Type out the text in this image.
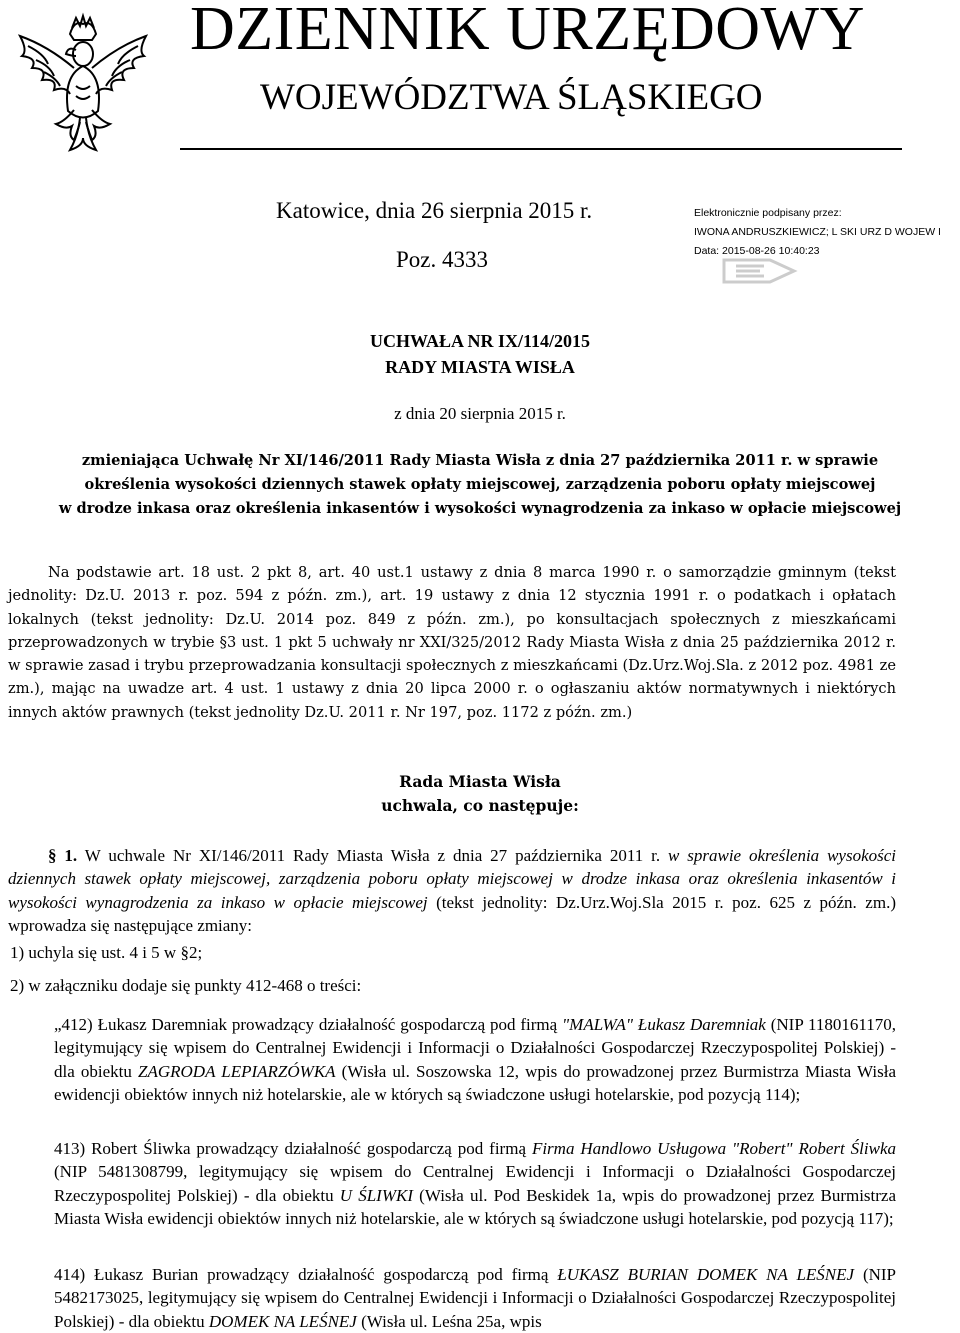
DZIENNIK URZĘDOWY
WOJEWÓDZTWA ŚLĄSKIEGO
Katowice, dnia 26 sierpnia 2015 r.
Poz. 4333
Elektronicznie podpisany przez:
IWONA ANDRUSZKIEWICZ; L SKI URZ D WOJEW I
Data: 2015-08-26 10:40:23
UCHWAŁA NR IX/114/2015
RADY MIASTA WISŁA
z dnia 20 sierpnia 2015 r.
zmieniająca Uchwałę Nr XI/146/2011 Rady Miasta Wisła z dnia 27 października 2011 r. w sprawie
określenia wysokości dziennych stawek opłaty miejscowej, zarządzenia poboru opłaty miejscowej
w drodze inkasa oraz określenia inkasentów i wysokości wynagrodzenia za inkaso w opłacie miejscowej
Na podstawie art. 18 ust. 2 pkt 8, art. 40 ust.1 ustawy z dnia 8 marca 1990 r. o samorządzie gminnym (tekst jednolity: Dz.U. 2013 r. poz. 594 z późn. zm.), art. 19 ustawy z dnia 12 stycznia 1991 r. o podatkach i opłatach lokalnych (tekst jednolity: Dz.U. 2014 poz. 849 z późn. zm.), po konsultacjach społecznych z mieszkańcami przeprowadzonych w trybie §3 ust. 1 pkt 5 uchwały nr XXI/325/2012 Rady Miasta Wisła z dnia 25 października 2012 r. w sprawie zasad i trybu przeprowadzania konsultacji społecznych z mieszkańcami (Dz.Urz.Woj.Sla. z 2012 poz. 4981 ze zm.), mając na uwadze art. 4 ust. 1 ustawy z dnia 20 lipca 2000 r. o ogłaszaniu aktów normatywnych i niektórych innych aktów prawnych (tekst jednolity Dz.U. 2011 r. Nr 197, poz. 1172 z późn. zm.)
Rada Miasta Wisła
uchwala, co następuje:
§ 1. W uchwale Nr XI/146/2011 Rady Miasta Wisła z dnia 27 października 2011 r. w sprawie określenia wysokości dziennych stawek opłaty miejscowej, zarządzenia poboru opłaty miejscowej w drodze inkasa oraz określenia inkasentów i wysokości wynagrodzenia za inkaso w opłacie miejscowej (tekst jednolity: Dz.Urz.Woj.Sla 2015 r. poz. 625 z późn. zm.) wprowadza się następujące zmiany:
1) uchyla się ust. 4 i 5 w §2;
2) w załączniku dodaje się punkty 412-468 o treści:
„412) Łukasz Daremniak prowadzący działalność gospodarczą pod firmą "MALWA" Łukasz Daremniak (NIP 1180161170, legitymujący się wpisem do Centralnej Ewidencji i Informacji o Działalności Gospodarczej Rzeczypospolitej Polskiej) - dla obiektu ZAGRODA LEPIARZÓWKA (Wisła ul. Soszowska 12, wpis do prowadzonej przez Burmistrza Miasta Wisła ewidencji obiektów innych niż hotelarskie, ale w których są świadczone usługi hotelarskie, pod pozycją 114);
413) Robert Śliwka prowadzący działalność gospodarczą pod firmą Firma Handlowo Usługowa "Robert" Robert Śliwka (NIP 5481308799, legitymujący się wpisem do Centralnej Ewidencji i Informacji o Działalności Gospodarczej Rzeczypospolitej Polskiej) - dla obiektu U ŚLIWKI (Wisła ul. Pod Beskidek 1a, wpis do prowadzonej przez Burmistrza Miasta Wisła ewidencji obiektów innych niż hotelarskie, ale w których są świadczone usługi hotelarskie, pod pozycją 117);
414) Łukasz Burian prowadzący działalność gospodarczą pod firmą ŁUKASZ BURIAN DOMEK NA LEŚNEJ (NIP 5482173025, legitymujący się wpisem do Centralnej Ewidencji i Informacji o Działalności Gospodarczej Rzeczypospolitej Polskiej) - dla obiektu DOMEK NA LEŚNEJ (Wisła ul. Leśna 25a, wpis
